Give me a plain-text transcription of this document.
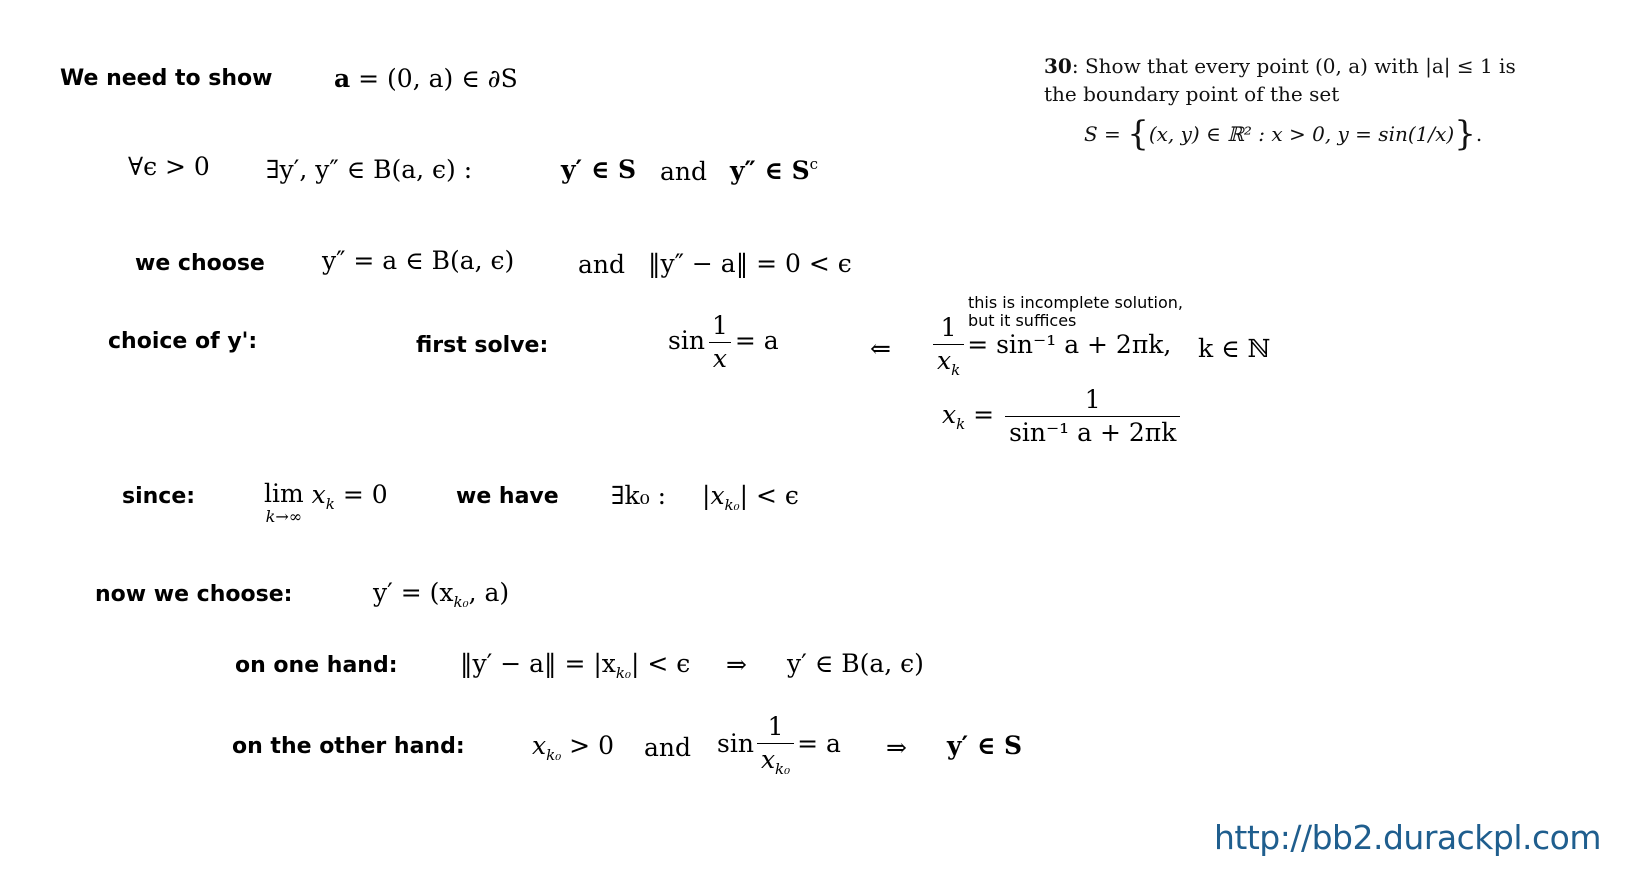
30: Show that every point (0, a) with |a| ≤ 1 is
the boundary point of the set
S = {(x, y) ∈ ℝ² : x > 0, y = sin(1/x)}.
We need to show a = (0, a) ∈ ∂S
∀ϵ > 0 ∃y′, y″ ∈ B(a, ϵ) :	y′ ∈ S and y″ ∈ $S^c$
we choose y″ = a ∈ B(a, ϵ)	and ‖y″ − a‖ = 0 < ϵ
this is incomplete solution,
but it suffices
choice of y':	first solve:	$\sin \frac{1}{x} = a$	⇐ $\frac{1}{x_k} = \sin^{-1}$ a + 2πk, k ∈ ℕ
$x_k = \frac{1}{\text{sin⁻¹ a + 2πk}}$
since:	lim
k→∞
$x_k = 0$	we have ∃k₀ : $|x_{k_0}| < \epsilon$
now we choose:	$y' = (x_{k_0}$, a)
on one hand: ‖y′ − a‖ = $|x_{k_0}| < \epsilon$ ⇒ y′ ∈ B(a, ϵ)
on the other hand:	$x_{k_0} > 0$ and $\sin \frac{1}{x_{k_0}} = a$ ⇒ y′ ∈ S
http://bb2.durackpl.com
